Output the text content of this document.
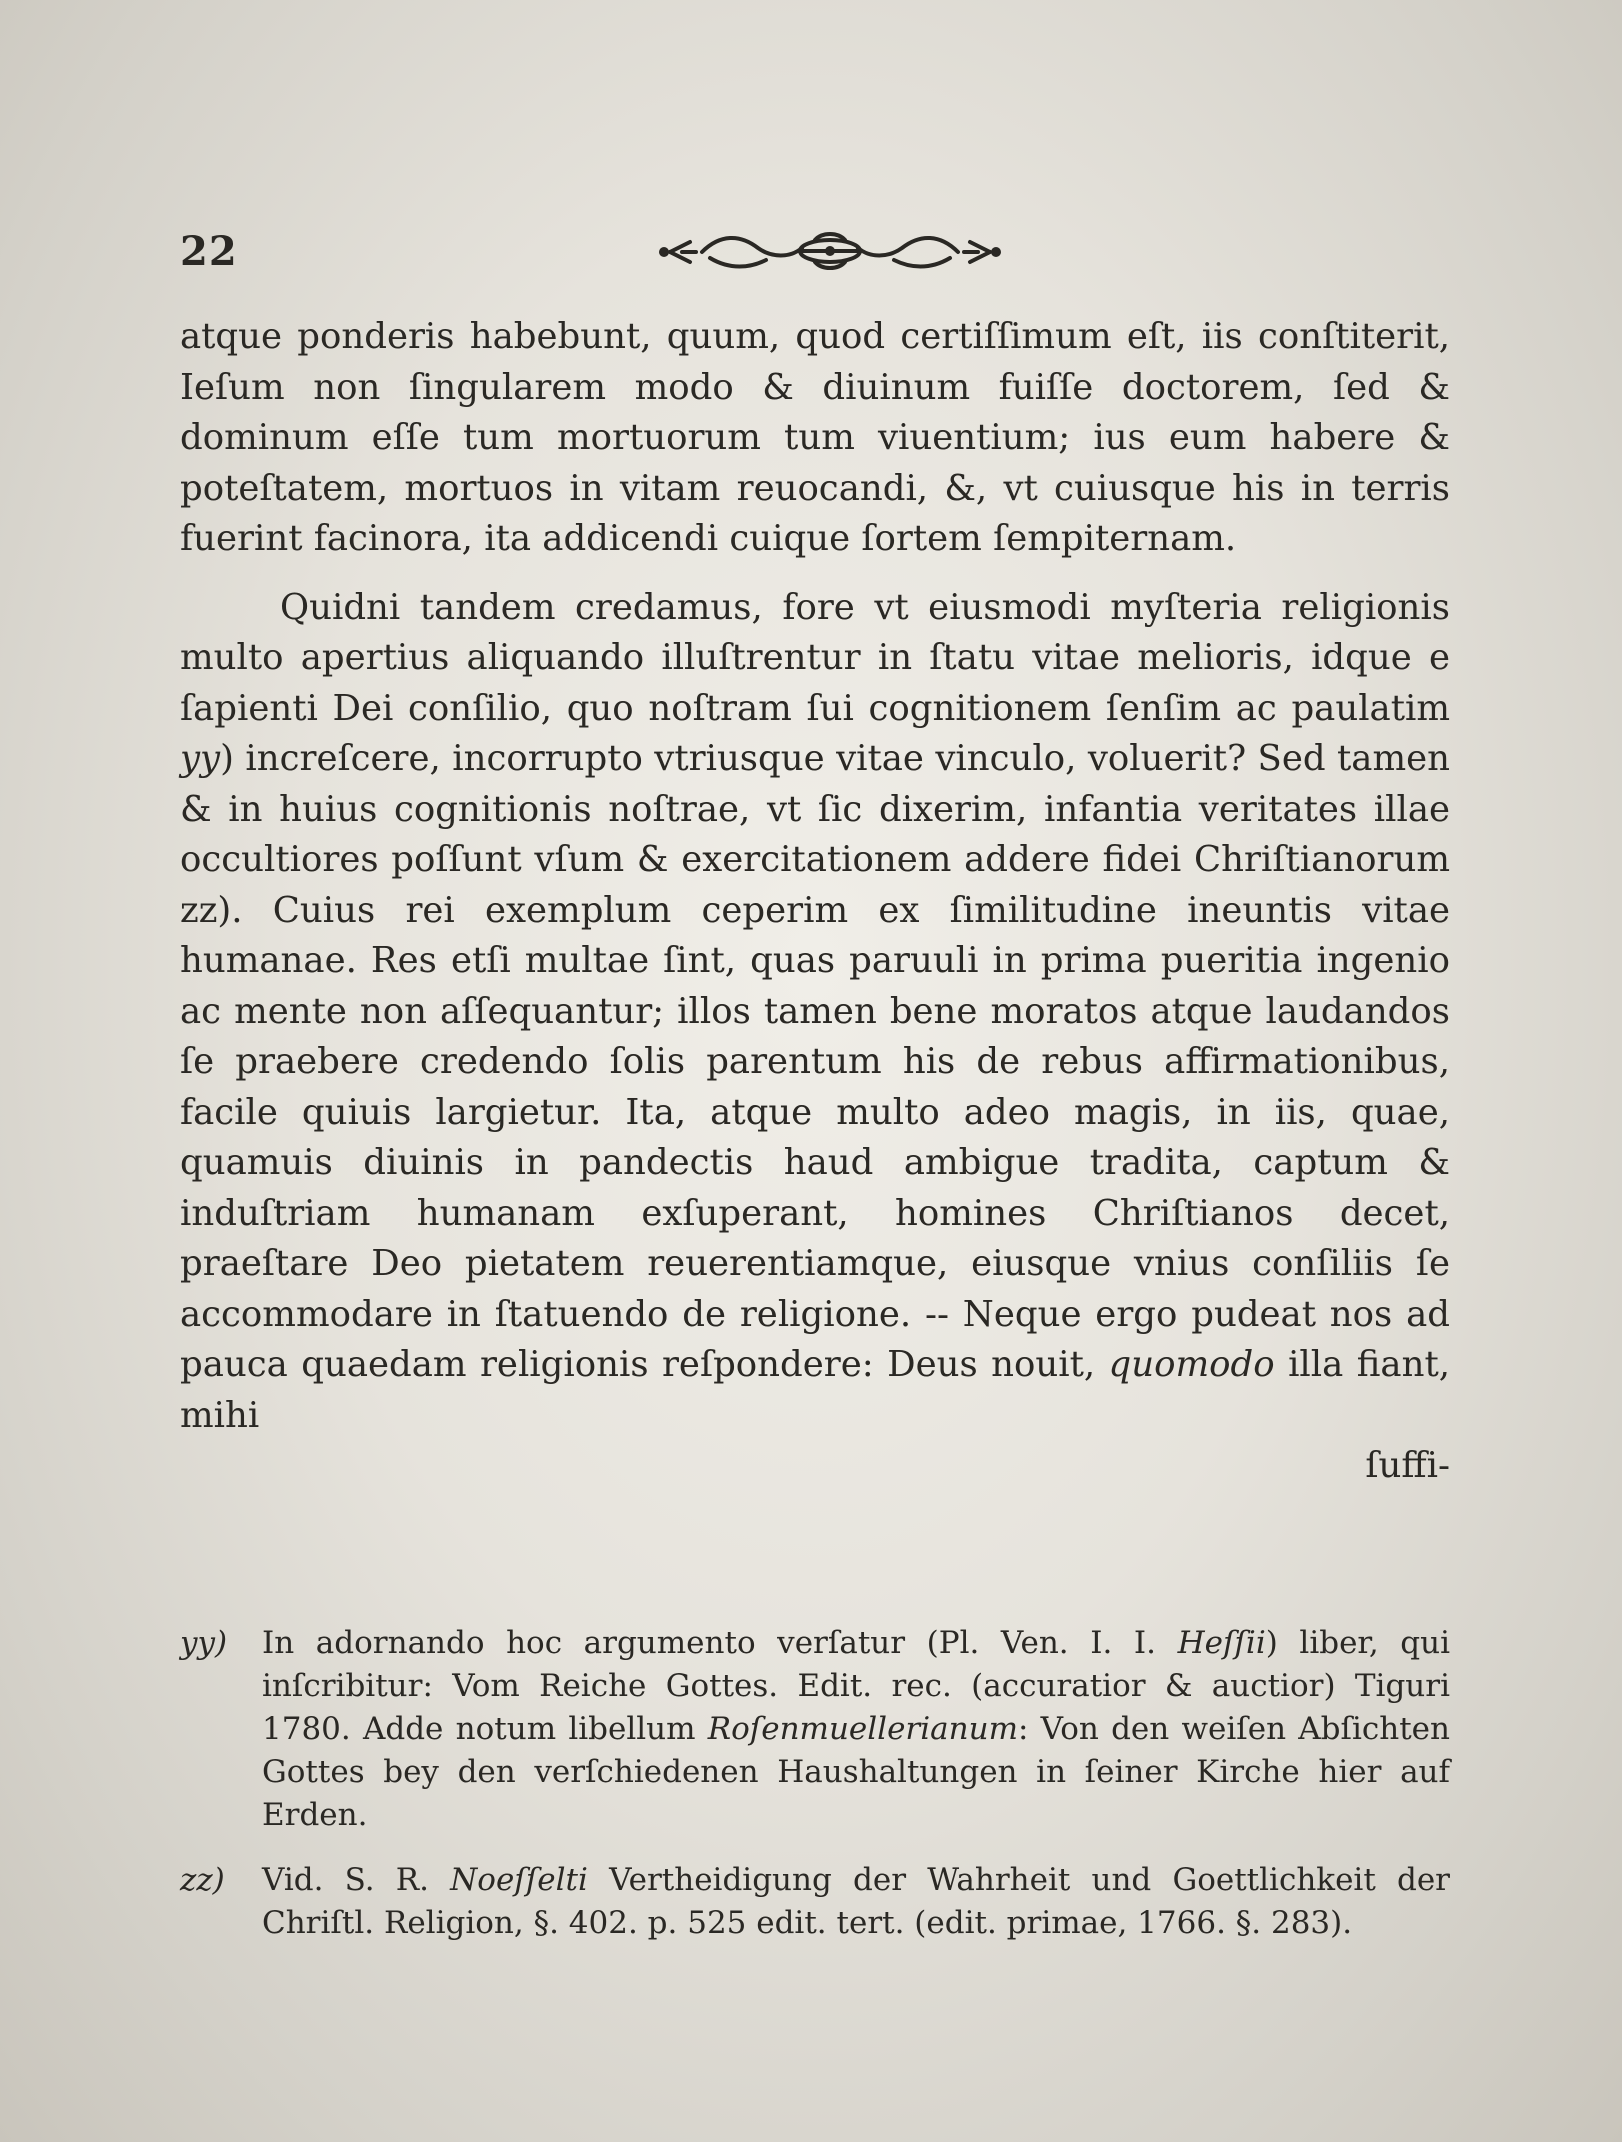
22

atque ponderis habebunt, quum, quod certiſſimum eſt, iis conſtiterit, Ieſum non ſingularem modo & diuinum fuiſſe doctorem, ſed & dominum eſſe tum mortuorum tum viuentium; ius eum habere & poteſtatem, mortuos in vitam reuocandi, &, vt cuiusque his in terris fuerint facinora, ita addicendi cuique ſortem ſempiternam.

Quidni tandem credamus, fore vt eiusmodi myſteria religionis multo apertius aliquando illuſtrentur in ſtatu vitae melioris, idque e ſapienti Dei conſilio, quo noſtram ſui cognitionem ſenſim ac paulatim yy) increſcere, incorrupto vtriusque vitae vinculo, voluerit? Sed tamen & in huius cognitionis noſtrae, vt ſic dixerim, infantia veritates illae occultiores poſſunt vſum & exercitationem addere fidei Chriſtianorum zz). Cuius rei exemplum ceperim ex ſimilitudine ineuntis vitae humanae. Res etſi multae ſint, quas paruuli in prima pueritia ingenio ac mente non aſſequantur; illos tamen bene moratos atque laudandos ſe praebere credendo ſolis parentum his de rebus affirmationibus, facile quiuis largietur. Ita, atque multo adeo magis, in iis, quae, quamuis diuinis in pandectis haud ambigue tradita, captum & induſtriam humanam exſuperant, homines Chriſtianos decet, praeſtare Deo pietatem reuerentiamque, eiusque vnius conſiliis ſe accommodare in ſtatuendo de religione. -- Neque ergo pudeat nos ad pauca quaedam religionis reſpondere: Deus nouit, quomodo illa fiant, mihi
ſuffi-

yy)	In adornando hoc argumento verſatur (Pl. Ven. I. I. Heſſii) liber, qui inſcribitur: Vom Reiche Gottes. Edit. rec. (accuratior & auctior) Tiguri 1780. Adde notum libellum Roſenmuellerianum: Von den weiſen Abſichten Gottes bey den verſchiedenen Haushaltungen in ſeiner Kirche hier auf Erden.
zz)	Vid. S. R. Noeſſelti Vertheidigung der Wahrheit und Goettlichkeit der Chriſtl. Religion, §. 402. p. 525 edit. tert. (edit. primae, 1766. §. 283).
